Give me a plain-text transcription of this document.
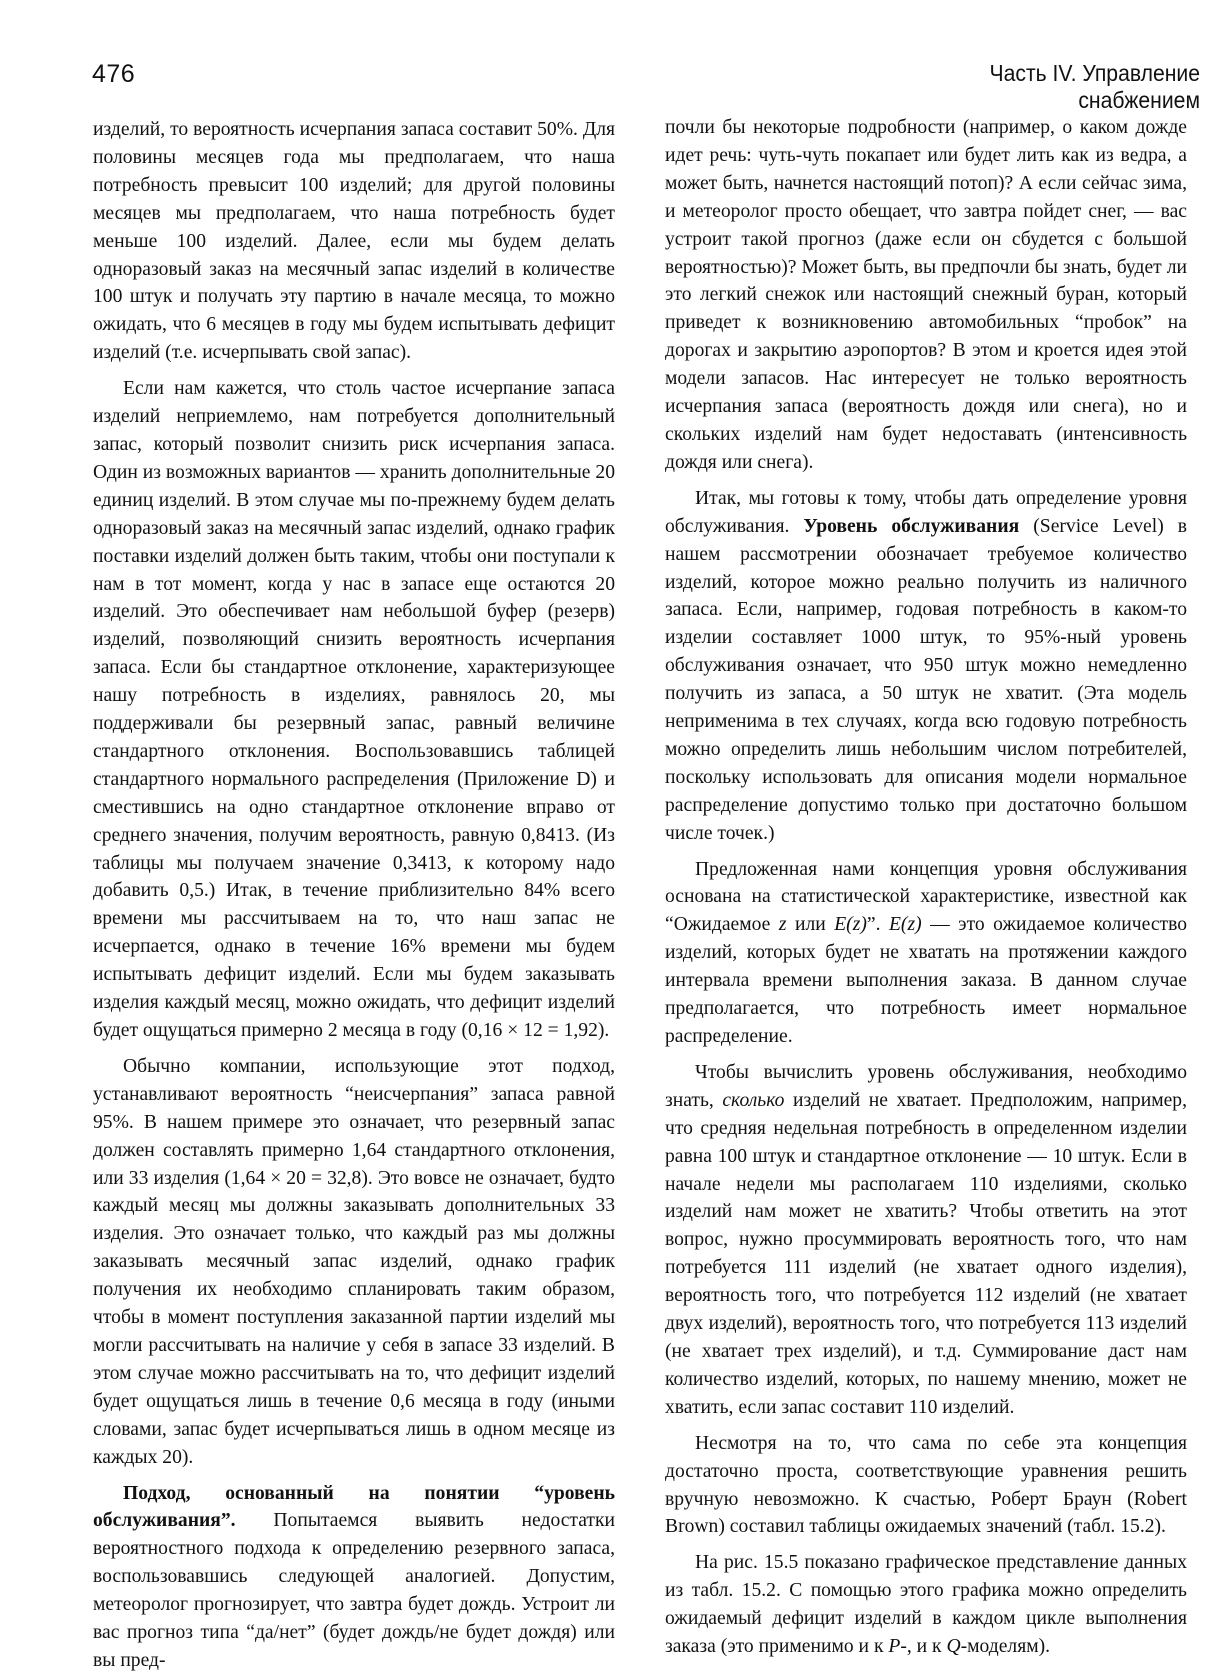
476	Часть IV. Управление снабжением

изделий, то вероятность исчерпания запаса составит 50%. Для половины месяцев года мы предполагаем, что наша потребность превысит 100 изделий; для другой половины месяцев мы предполагаем, что наша потребность будет меньше 100 изделий. Далее, если мы будем делать одноразовый заказ на месячный запас изделий в количестве 100 штук и получать эту партию в начале месяца, то можно ожидать, что 6 месяцев в году мы будем испытывать дефицит изделий (т.е. исчерпывать свой запас).

Если нам кажется, что столь частое исчерпание запаса изделий неприемлемо, нам потребуется дополнительный запас, который позволит снизить риск исчерпания запаса. Один из возможных вариантов — хранить дополнительные 20 единиц изделий. В этом случае мы по-прежнему будем делать одноразовый заказ на месячный запас изделий, однако график поставки изделий должен быть таким, чтобы они поступали к нам в тот момент, когда у нас в запасе еще остаются 20 изделий. Это обеспечивает нам небольшой буфер (резерв) изделий, позволяющий снизить вероятность исчерпания запаса. Если бы стандартное отклонение, характеризующее нашу потребность в изделиях, равнялось 20, мы поддерживали бы резервный запас, равный величине стандартного отклонения. Воспользовавшись таблицей стандартного нормального распределения (Приложение D) и сместившись на одно стандартное отклонение вправо от среднего значения, получим вероятность, равную 0,8413. (Из таблицы мы получаем значение 0,3413, к которому надо добавить 0,5.) Итак, в течение приблизительно 84% всего времени мы рассчитываем на то, что наш запас не исчерпается, однако в течение 16% времени мы будем испытывать дефицит изделий. Если мы будем заказывать изделия каждый месяц, можно ожидать, что дефицит изделий будет ощущаться примерно 2 месяца в году (0,16 × 12 = 1,92).

Обычно компании, использующие этот подход, устанавливают вероятность “неисчерпания” запаса равной 95%. В нашем примере это означает, что резервный запас должен составлять примерно 1,64 стандартного отклонения, или 33 изделия (1,64 × 20 = 32,8). Это вовсе не означает, будто каждый месяц мы должны заказывать дополнительных 33 изделия. Это означает только, что каждый раз мы должны заказывать месячный запас изделий, однако график получения их необходимо спланировать таким образом, чтобы в момент поступления заказанной партии изделий мы могли рассчитывать на наличие у себя в запасе 33 изделий. В этом случае можно рассчитывать на то, что дефицит изделий будет ощущаться лишь в течение 0,6 месяца в году (иными словами, запас будет исчерпываться лишь в одном месяце из каждых 20).

Подход, основанный на понятии “уровень обслуживания”. Попытаемся выявить недостатки вероятностного подхода к определению резервного запаса, воспользовавшись следующей аналогией. Допустим, метеоролог прогнозирует, что завтра будет дождь. Устроит ли вас прогноз типа “да/нет” (будет дождь/не будет дождя) или вы пред-

почли бы некоторые подробности (например, о каком дожде идет речь: чуть-чуть покапает или будет лить как из ведра, а может быть, начнется настоящий потоп)? А если сейчас зима, и метеоролог просто обещает, что завтра пойдет снег, — вас устроит такой прогноз (даже если он сбудется с большой вероятностью)? Может быть, вы предпочли бы знать, будет ли это легкий снежок или настоящий снежный буран, который приведет к возникновению автомобильных “пробок” на дорогах и закрытию аэропортов? В этом и кроется идея этой модели запасов. Нас интересует не только вероятность исчерпания запаса (вероятность дождя или снега), но и скольких изделий нам будет недоставать (интенсивность дождя или снега).

Итак, мы готовы к тому, чтобы дать определение уровня обслуживания. Уровень обслуживания (Service Level) в нашем рассмотрении обозначает требуемое количество изделий, которое можно реально получить из наличного запаса. Если, например, годовая потребность в каком-то изделии составляет 1000 штук, то 95%-ный уровень обслуживания означает, что 950 штук можно немедленно получить из запаса, а 50 штук не хватит. (Эта модель неприменима в тех случаях, когда всю годовую потребность можно определить лишь небольшим числом потребителей, поскольку использовать для описания модели нормальное распределение допустимо только при достаточно большом числе точек.)

Предложенная нами концепция уровня обслуживания основана на статистической характеристике, известной как “Ожидаемое z или E(z)”. E(z) — это ожидаемое количество изделий, которых будет не хватать на протяжении каждого интервала времени выполнения заказа. В данном случае предполагается, что потребность имеет нормальное распределение.

Чтобы вычислить уровень обслуживания, необходимо знать, сколько изделий не хватает. Предположим, например, что средняя недельная потребность в определенном изделии равна 100 штук и стандартное отклонение — 10 штук. Если в начале недели мы располагаем 110 изделиями, сколько изделий нам может не хватить? Чтобы ответить на этот вопрос, нужно просуммировать вероятность того, что нам потребуется 111 изделий (не хватает одного изделия), вероятность того, что потребуется 112 изделий (не хватает двух изделий), вероятность того, что потребуется 113 изделий (не хватает трех изделий), и т.д. Суммирование даст нам количество изделий, которых, по нашему мнению, может не хватить, если запас составит 110 изделий.

Несмотря на то, что сама по себе эта концепция достаточно проста, соответствующие уравнения решить вручную невозможно. К счастью, Роберт Браун (Robert Brown) составил таблицы ожидаемых значений (табл. 15.2).

На рис. 15.5 показано графическое представление данных из табл. 15.2. С помощью этого графика можно определить ожидаемый дефицит изделий в каждом цикле выполнения заказа (это применимо и к P-, и к Q-моделям).
